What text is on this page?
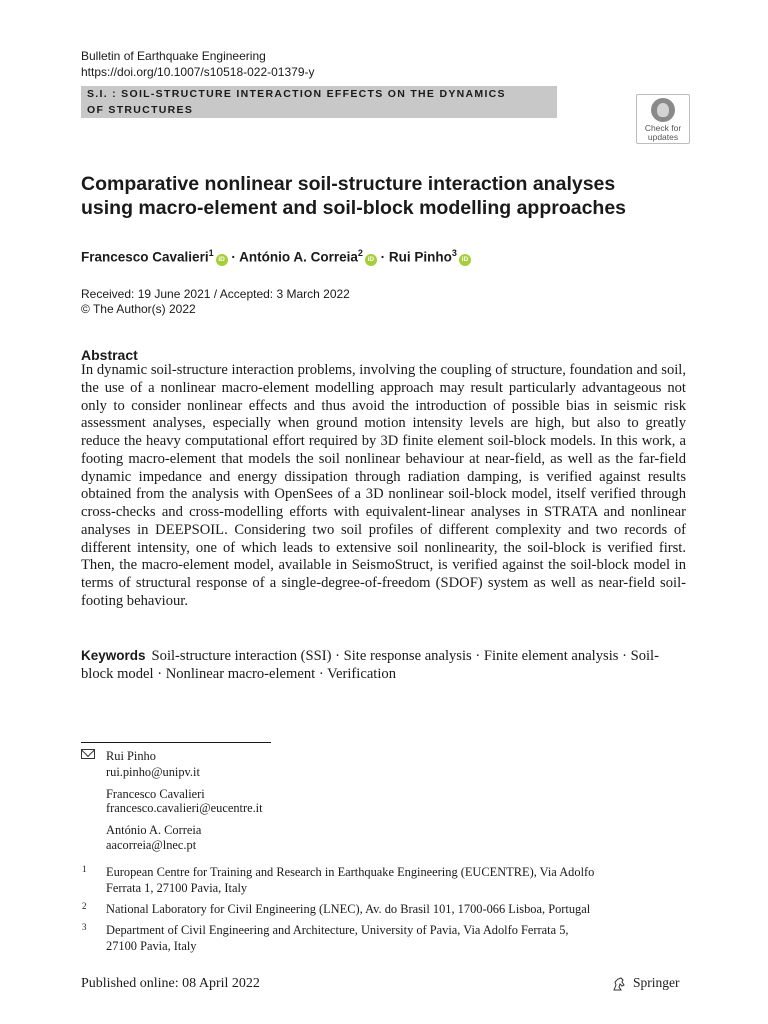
Bulletin of Earthquake Engineering
https://doi.org/10.1007/s10518-022-01379-y
S.I. : SOIL-STRUCTURE INTERACTION EFFECTS ON THE DYNAMICS
OF STRUCTURES
Check for
updates
Comparative nonlinear soil-structure interaction analyses
using macro-element and soil-block modelling approaches
Francesco Cavalieri$^1$iD · António A. Correia$^2$iD · Rui Pinho$^3$iD
Received: 19 June 2021 / Accepted: 3 March 2022
© The Author(s) 2022
Abstract
In dynamic soil-structure interaction problems, involving the coupling of structure, foundation and soil, the use of a nonlinear macro-element modelling approach may result particularly advantageous not only to consider nonlinear effects and thus avoid the introduction of possible bias in seismic risk assessment analyses, especially when ground motion intensity levels are high, but also to greatly reduce the heavy computational effort required by 3D finite element soil-block models. In this work, a footing macro-element that models the soil nonlinear behaviour at near-field, as well as the far-field dynamic impedance and energy dissipation through radiation damping, is verified against results obtained from the analysis with OpenSees of a 3D nonlinear soil-block model, itself verified through cross-checks and cross-modelling efforts with equivalent-linear analyses in STRATA and nonlinear analyses in DEEPSOIL. Considering two soil profiles of different complexity and two records of different intensity, one of which leads to extensive soil nonlinearity, the soil-block is verified first. Then, the macro-element model, available in SeismoStruct, is verified against the soil-block model in terms of structural response of a single-degree-of-freedom (SDOF) system as well as near-field soil-footing behaviour.
Keywords Soil-structure interaction (SSI) · Site response analysis · Finite element analysis · Soil-block model · Nonlinear macro-element · Verification
Rui Pinho
rui.pinho@unipv.it
Francesco Cavalieri
francesco.cavalieri@eucentre.it
António A. Correia
aacorreia@lnec.pt
1 European Centre for Training and Research in Earthquake Engineering (EUCENTRE), Via Adolfo
Ferrata 1, 27100 Pavia, Italy
2 National Laboratory for Civil Engineering (LNEC), Av. do Brasil 101, 1700-066 Lisboa, Portugal
3 Department of Civil Engineering and Architecture, University of Pavia, Via Adolfo Ferrata 5,
27100 Pavia, Italy
Published online: 08 April 2022	Springer
